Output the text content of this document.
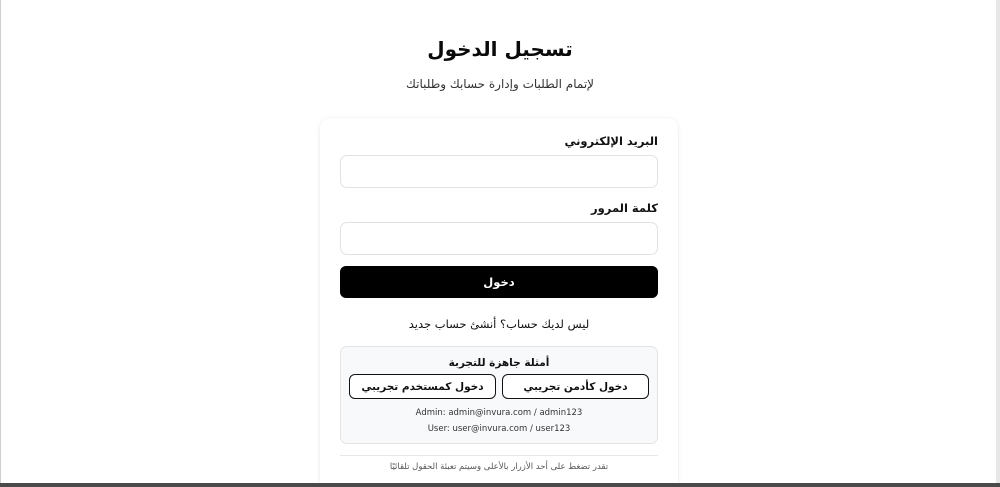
تسجيل الدخول

لإتمام الطلبات وإدارة حسابك وطلباتك

البريد الإلكتروني
كلمة المرور
دخول

ليس لديك حساب؟ أنشئ حساب جديد

أمثلة جاهزة للتجربة
دخول كأدمن تجريبي
دخول كمستخدم تجريبي
Admin: admin@invura.com / admin123
User: user@invura.com / user123

تقدر تضغط على أحد الأزرار بالأعلى وسيتم تعبئة الحقول تلقائيًا
